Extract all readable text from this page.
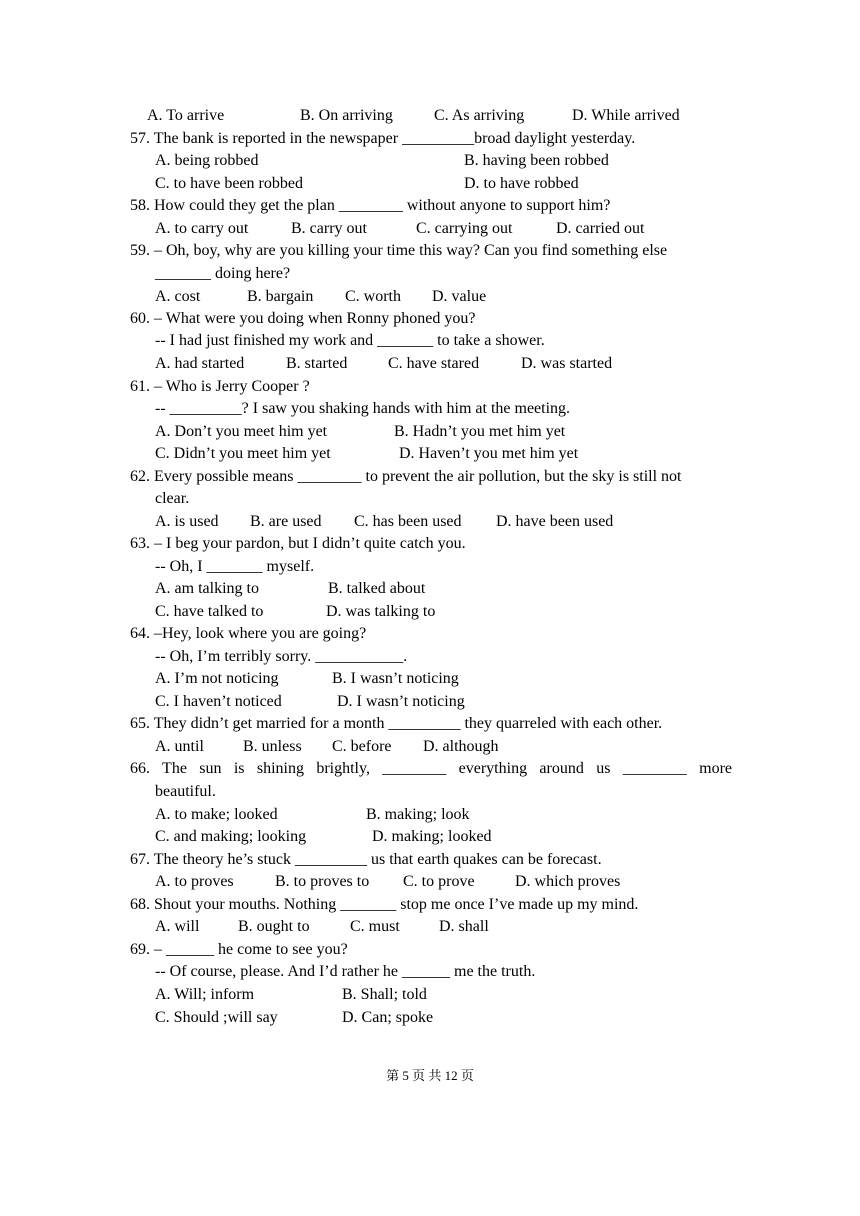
A. To arrive	B. On arriving	C. As arriving	D. While arrived
57. The bank is reported in the newspaper _________broad daylight yesterday.
A. being robbed	B. having been robbed
C. to have been robbed	D. to have robbed
58. How could they get the plan ________ without anyone to support him?
A. to carry out	B. carry out	C. carrying out	D. carried out
59. – Oh, boy, why are you killing your time this way? Can you find something else
_______ doing here?
A. cost	B. bargain C. worth D. value
60. – What were you doing when Ronny phoned you?
-- I had just finished my work and _______ to take a shower.
A. had started	B. started	C. have stared	D. was started
61. – Who is Jerry Cooper ?
-- _________? I saw you shaking hands with him at the meeting.
A. Don’t you meet him yet	B. Hadn’t you met him yet
C. Didn’t you meet him yet	D. Haven’t you met him yet
62. Every possible means ________ to prevent the air pollution, but the sky is still not
clear.
A. is used B. are used C. has been used D. have been used
63. – I beg your pardon, but I didn’t quite catch you.
-- Oh, I _______ myself.
A. am talking to	B. talked about
C. have talked to	D. was talking to
64. –Hey, look where you are going?
-- Oh, I’m terribly sorry. ___________.
A. I’m not noticing	B. I wasn’t noticing
C. I haven’t noticed	D. I wasn’t noticing
65. They didn’t get married for a month _________ they quarreled with each other.
A. until B. unless C. before D. although
66. The sun is shining brightly, ________ everything around us ________ more
beautiful.
A. to make; looked	B. making; look
C. and making; looking	D. making; looked
67. The theory he’s stuck _________ us that earth quakes can be forecast.
A. to proves	B. to proves to C. to prove	D. which proves
68. Shout your mouths. Nothing _______ stop me once I’ve made up my mind.
A. will B. ought to	C. must D. shall
69. – ______ he come to see you?
-- Of course, please. And I’d rather he ______ me the truth.
A. Will; inform	B. Shall; told
C. Should ;will say	D. Can; spoke
第 5 页 共 12 页
